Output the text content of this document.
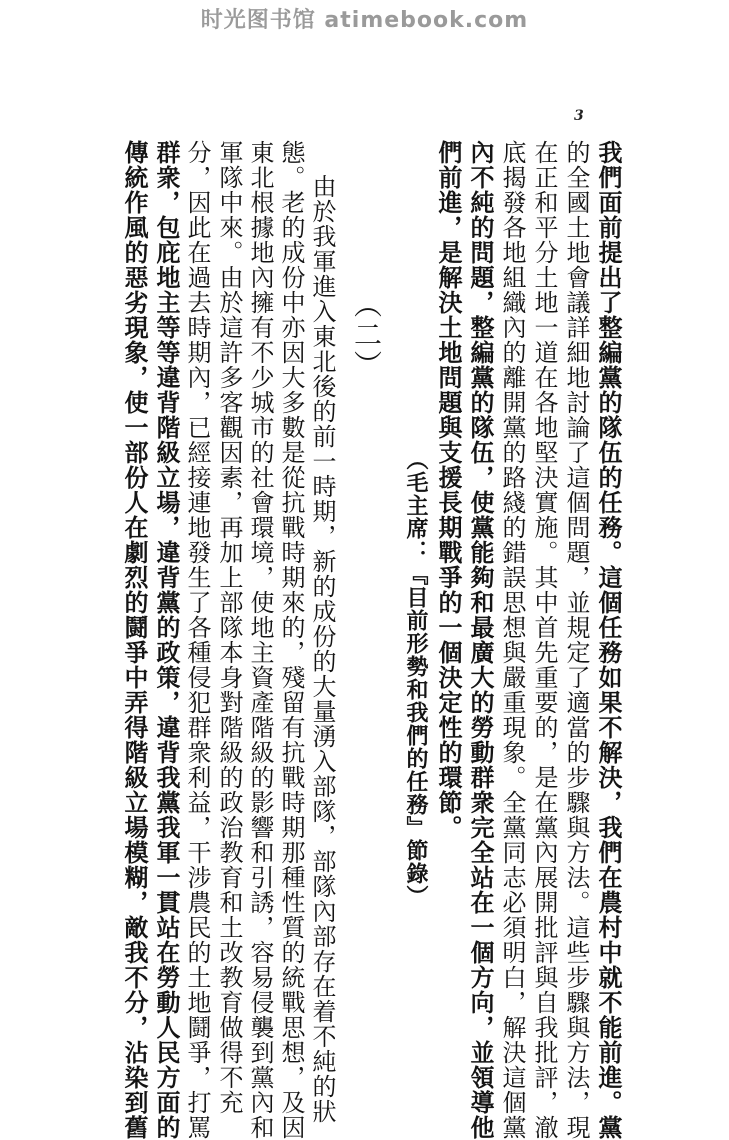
时光图书馆 atimebook.com
3
我們面前提出了整編黨的隊伍的任務。這個任務如果不解決，我們在農村中就不能前進。黨
的全國土地會議詳細地討論了這個問題，並規定了適當的步驟與方法。這些步驟與方法，現
在正和平分土地一道在各地堅決實施。其中首先重要的，是在黨內展開批評與自我批評，澈
底揭發各地組織內的離開黨的路綫的錯誤思想與嚴重現象。全黨同志必須明白，解決這個黨
內不純的問題，整編黨的隊伍，使黨能夠和最廣大的勞動群衆完全站在一個方向，並領導他
們前進，是解決土地問題與支援長期戰爭的一個決定性的環節。
（毛主席：『目前形勢和我們的任務』節錄）
（二）
由於我軍進入東北後的前一時期，新的成份的大量湧入部隊，部隊內部存在着不純的狀
態。老的成份中亦因大多數是從抗戰時期來的，殘留有抗戰時期那種性質的統戰思想，及因
東北根據地內擁有不少城市的社會環境，使地主資產階級的影響和引誘，容易侵襲到黨內和
軍隊中來。由於這許多客觀因素，再加上部隊本身對階級的政治教育和土改教育做得不充
分，因此在過去時期內，已經接連地發生了各種侵犯群衆利益，干涉農民的土地鬪爭，打罵
群衆，包庇地主等等違背階級立場，違背黨的政策，違背我黨我軍一貫站在勞動人民方面的
傳統作風的惡劣現象，使一部份人在劇烈的鬪爭中弄得階級立場模糊，敵我不分，沾染到舊
